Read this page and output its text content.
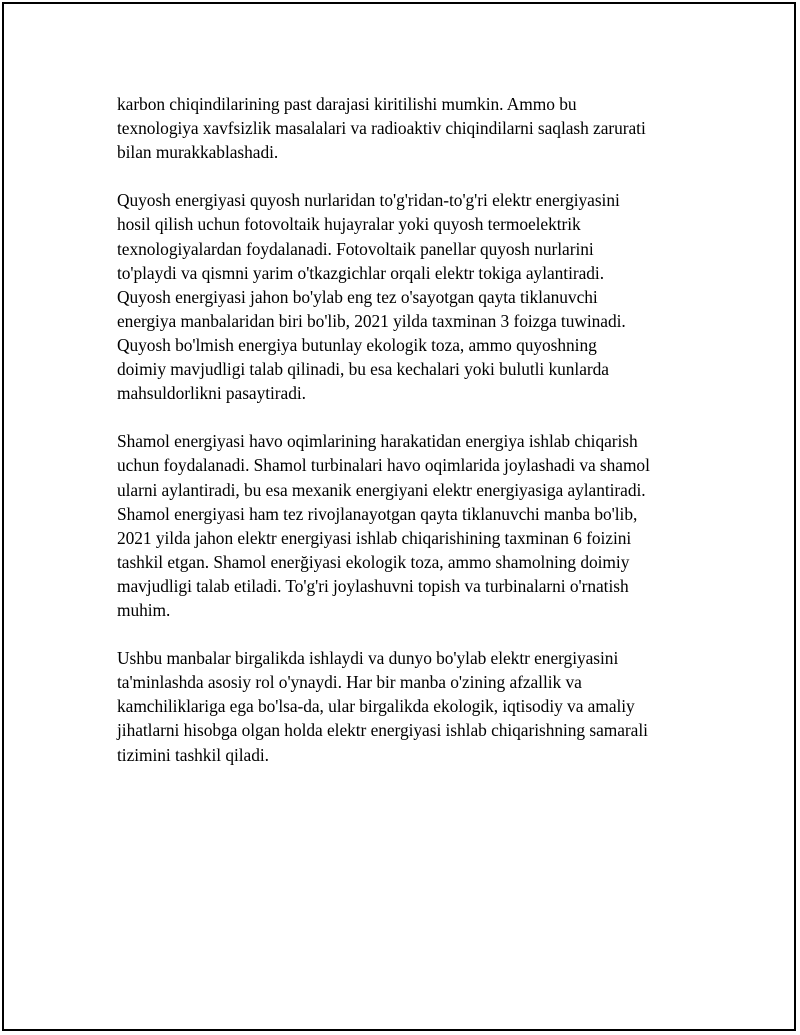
karbon chiqindilarining past darajasi kiritilishi mumkin. Ammo bu
texnologiya xavfsizlik masalalari va radioaktiv chiqindilarni saqlash zarurati
bilan murakkablashadi.

Quyosh energiyasi quyosh nurlaridan to'g'ridan-to'g'ri elektr energiyasini
hosil qilish uchun fotovoltaik hujayralar yoki quyosh termoelektrik
texnologiyalardan foydalanadi. Fotovoltaik panellar quyosh nurlarini
to'playdi va qismni yarim o'tkazgichlar orqali elektr tokiga aylantiradi.
Quyosh energiyasi jahon bo'ylab eng tez o'sayotgan qayta tiklanuvchi
energiya manbalaridan biri bo'lib, 2021 yilda taxminan 3 foizga tuwinadi.
Quyosh bo'lmish energiya butunlay ekologik toza, ammo quyoshning
doimiy mavjudligi talab qilinadi, bu esa kechalari yoki bulutli kunlarda
mahsuldorlikni pasaytiradi.

Shamol energiyasi havo oqimlarining harakatidan energiya ishlab chiqarish
uchun foydalanadi. Shamol turbinalari havo oqimlarida joylashadi va shamol
ularni aylantiradi, bu esa mexanik energiyani elektr energiyasiga aylantiradi.
Shamol energiyasi ham tez rivojlanayotgan qayta tiklanuvchi manba bo'lib,
2021 yilda jahon elektr energiyasi ishlab chiqarishining taxminan 6 foizini
tashkil etgan. Shamol enerğiyasi ekologik toza, ammo shamolning doimiy
mavjudligi talab etiladi. To'g'ri joylashuvni topish va turbinalarni o'rnatish
muhim.

Ushbu manbalar birgalikda ishlaydi va dunyo bo'ylab elektr energiyasini
ta'minlashda asosiy rol o'ynaydi. Har bir manba o'zining afzallik va
kamchiliklariga ega bo'lsa-da, ular birgalikda ekologik, iqtisodiy va amaliy
jihatlarni hisobga olgan holda elektr energiyasi ishlab chiqarishning samarali
tizimini tashkil qiladi.
